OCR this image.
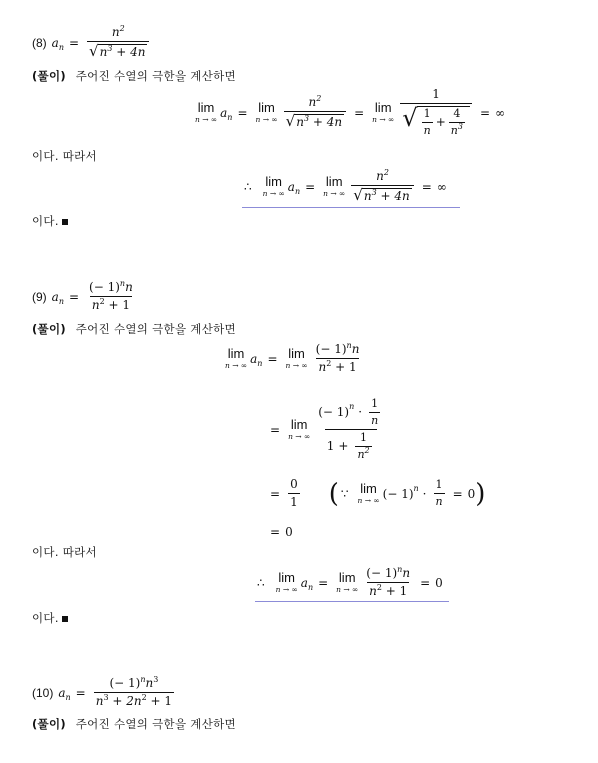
(8) $a_n = \frac{n^2}{√ n^3 + 4n}$
(풀이) 주어진 수열의 극한을 계산하면
lim
n → ∞
$a_n = \lim$
n → ∞ $\frac{n^2}{√ n^3 + 4n} = \lim$
n → ∞ $\frac{1}{√ \frac{1}{n} + \frac{4}{n^3}}$ = ∞
이다. 따라서
∴ lim
n → ∞
$a_n = \lim$
n → ∞ $\frac{n^2}{√ n^3 + 4n}$ = ∞
이다.
(9) $a_n = \frac{(- 1)^nn}{n^2 + 1}$
(풀이) 주어진 수열의 극한을 계산하면
lim
n → ∞
$a_n = \lim$
n → ∞ $\frac{(- 1)^nn}{n^2 + 1}$
= lim
n → ∞ $\frac{(- 1) n \cdot \frac{1}{n}}{1 + \frac{1}{n^2}}$
= $\frac{0}{1}$ ( ∵ lim
n → ∞
(− 1) $n \cdot \frac{1}{n} = 0$ )
= 0
이다. 따라서
∴ lim
n → ∞
$a_n = \lim$
n → ∞ $\frac{(- 1)^nn}{n^2 + 1} = 0$
이다.
(10) $a_n = \frac{(- 1)^nn^3}{n^3 + 2n^2 + 1}$
(풀이) 주어진 수열의 극한을 계산하면
